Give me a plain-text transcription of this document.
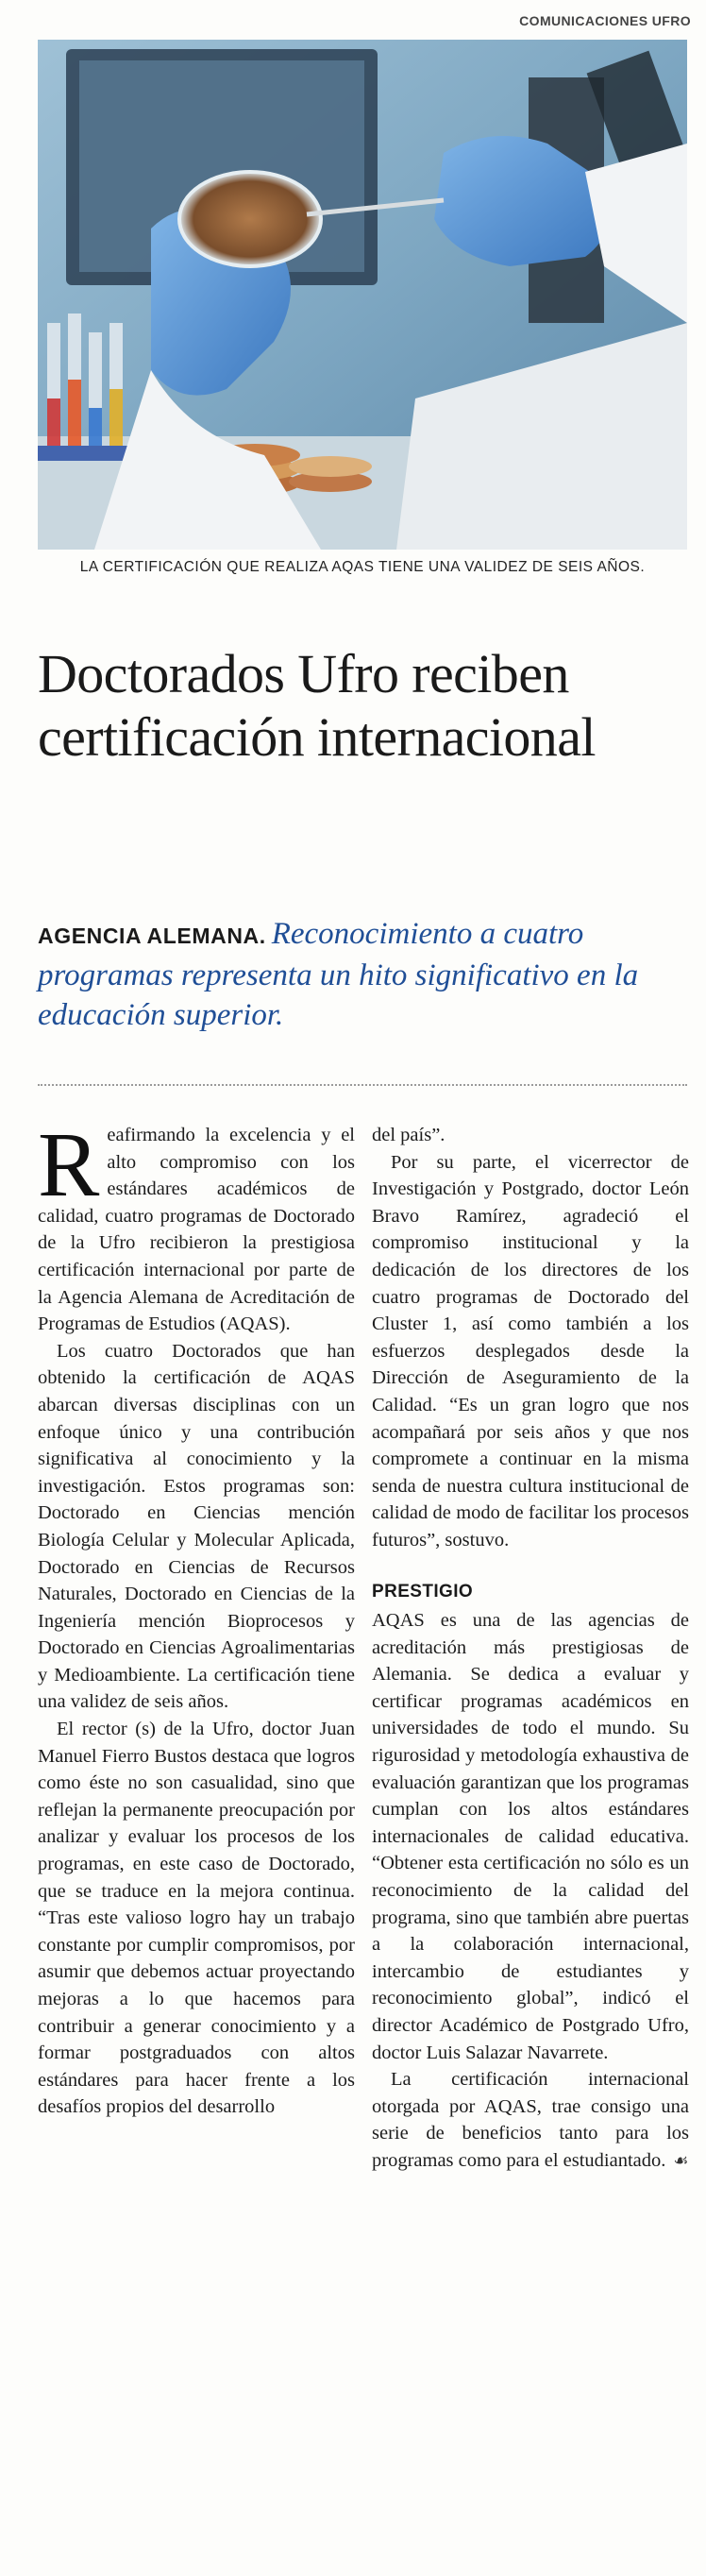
COMUNICACIONES UFRO
LA CERTIFICACIÓN QUE REALIZA AQAS TIENE UNA VALIDEZ DE SEIS AÑOS.
Doctorados Ufro reciben certificación internacional

AGENCIA ALEMANA. Reconocimiento a cuatro programas representa un hito significativo en la educación superior.

Reafirmando la excelencia y el alto compromiso con los estándares académicos de calidad, cuatro programas de Doctorado de la Ufro recibieron la prestigiosa certificación internacional por parte de la Agencia Alemana de Acreditación de Programas de Estudios (AQAS).

Los cuatro Doctorados que han obtenido la certificación de AQAS abarcan diversas disciplinas con un enfoque único y una contribución significativa al conocimiento y la investigación. Estos programas son: Doctorado en Ciencias mención Biología Celular y Molecular Aplicada, Doctorado en Ciencias de Recursos Naturales, Doctorado en Ciencias de la Ingeniería mención Bioprocesos y Doctorado en Ciencias Agroalimentarias y Medioambiente. La certificación tiene una validez de seis años.

El rector (s) de la Ufro, doctor Juan Manuel Fierro Bustos destaca que logros como éste no son casualidad, sino que reflejan la permanente preocupación por analizar y evaluar los procesos de los programas, en este caso de Doctorado, que se traduce en la mejora continua. “Tras este valioso logro hay un trabajo constante por cumplir compromisos, por asumir que debemos actuar proyectando mejoras a lo que hacemos para contribuir a generar conocimiento y a formar postgraduados con altos estándares para hacer frente a los desafíos propios del desarrollo

del país”.

Por su parte, el vicerrector de Investigación y Postgrado, doctor León Bravo Ramírez, agradeció el compromiso institucional y la dedicación de los directores de los cuatro programas de Doctorado del Cluster 1, así como también a los esfuerzos desplegados desde la Dirección de Aseguramiento de la Calidad. “Es un gran logro que nos acompañará por seis años y que nos compromete a continuar en la misma senda de nuestra cultura institucional de calidad de modo de facilitar los procesos futuros”, sostuvo.

PRESTIGIO

AQAS es una de las agencias de acreditación más prestigiosas de Alemania. Se dedica a evaluar y certificar programas académicos en universidades de todo el mundo. Su rigurosidad y metodología exhaustiva de evaluación garantizan que los programas cumplan con los altos estándares internacionales de calidad educativa. “Obtener esta certificación no sólo es un reconocimiento de la calidad del programa, sino que también abre puertas a la colaboración internacional, intercambio de estudiantes y reconocimiento global”, indicó el director Académico de Postgrado Ufro, doctor Luis Salazar Navarrete.

La certificación internacional otorgada por AQAS, trae consigo una serie de beneficios tanto para los programas como para el estudiantado. ☙
